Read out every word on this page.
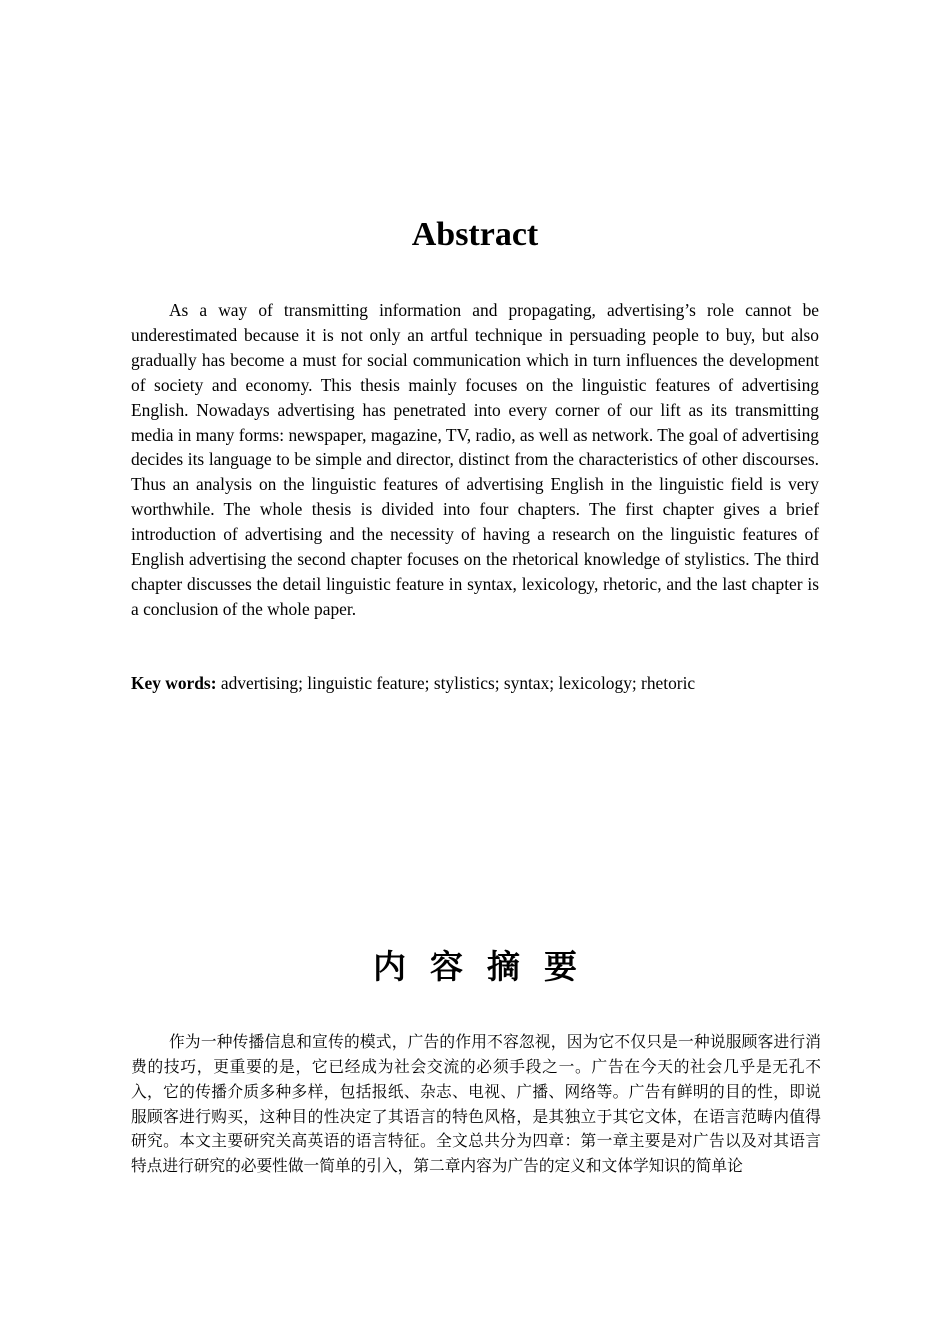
Abstract

As a way of transmitting information and propagating, advertising’s role cannot be underestimated because it is not only an artful technique in persuading people to buy, but also gradually has become a must for social communication which in turn influences the development of society and economy. This thesis mainly focuses on the linguistic features of advertising English. Nowadays advertising has penetrated into every corner of our lift as its transmitting media in many forms: newspaper, magazine, TV, radio, as well as network. The goal of advertising decides its language to be simple and director, distinct from the characteristics of other discourses. Thus an analysis on the linguistic features of advertising English in the linguistic field is very worthwhile. The whole thesis is divided into four chapters. The first chapter gives a brief introduction of advertising and the necessity of having a research on the linguistic features of English advertising the second chapter focuses on the rhetorical knowledge of stylistics. The third chapter discusses the detail linguistic feature in syntax, lexicology, rhetoric, and the last chapter is a conclusion of the whole paper.

Key words: advertising; linguistic feature; stylistics; syntax; lexicology; rhetoric

内容摘要

作为一种传播信息和宣传的模式，广告的作用不容忽视，因为它不仅只是一种说服顾客进行消费的技巧，更重要的是，它已经成为社会交流的必须手段之一。广告在今天的社会几乎是无孔不入，它的传播介质多种多样，包括报纸、杂志、电视、广播、网络等。广告有鲜明的目的性，即说服顾客进行购买，这种目的性决定了其语言的特色风格，是其独立于其它文体，在语言范畴内值得研究。本文主要研究关高英语的语言特征。全文总共分为四章：第一章主要是对广告以及对其语言特点进行研究的必要性做一简单的引入，第二章内容为广告的定义和文体学知识的简单论
